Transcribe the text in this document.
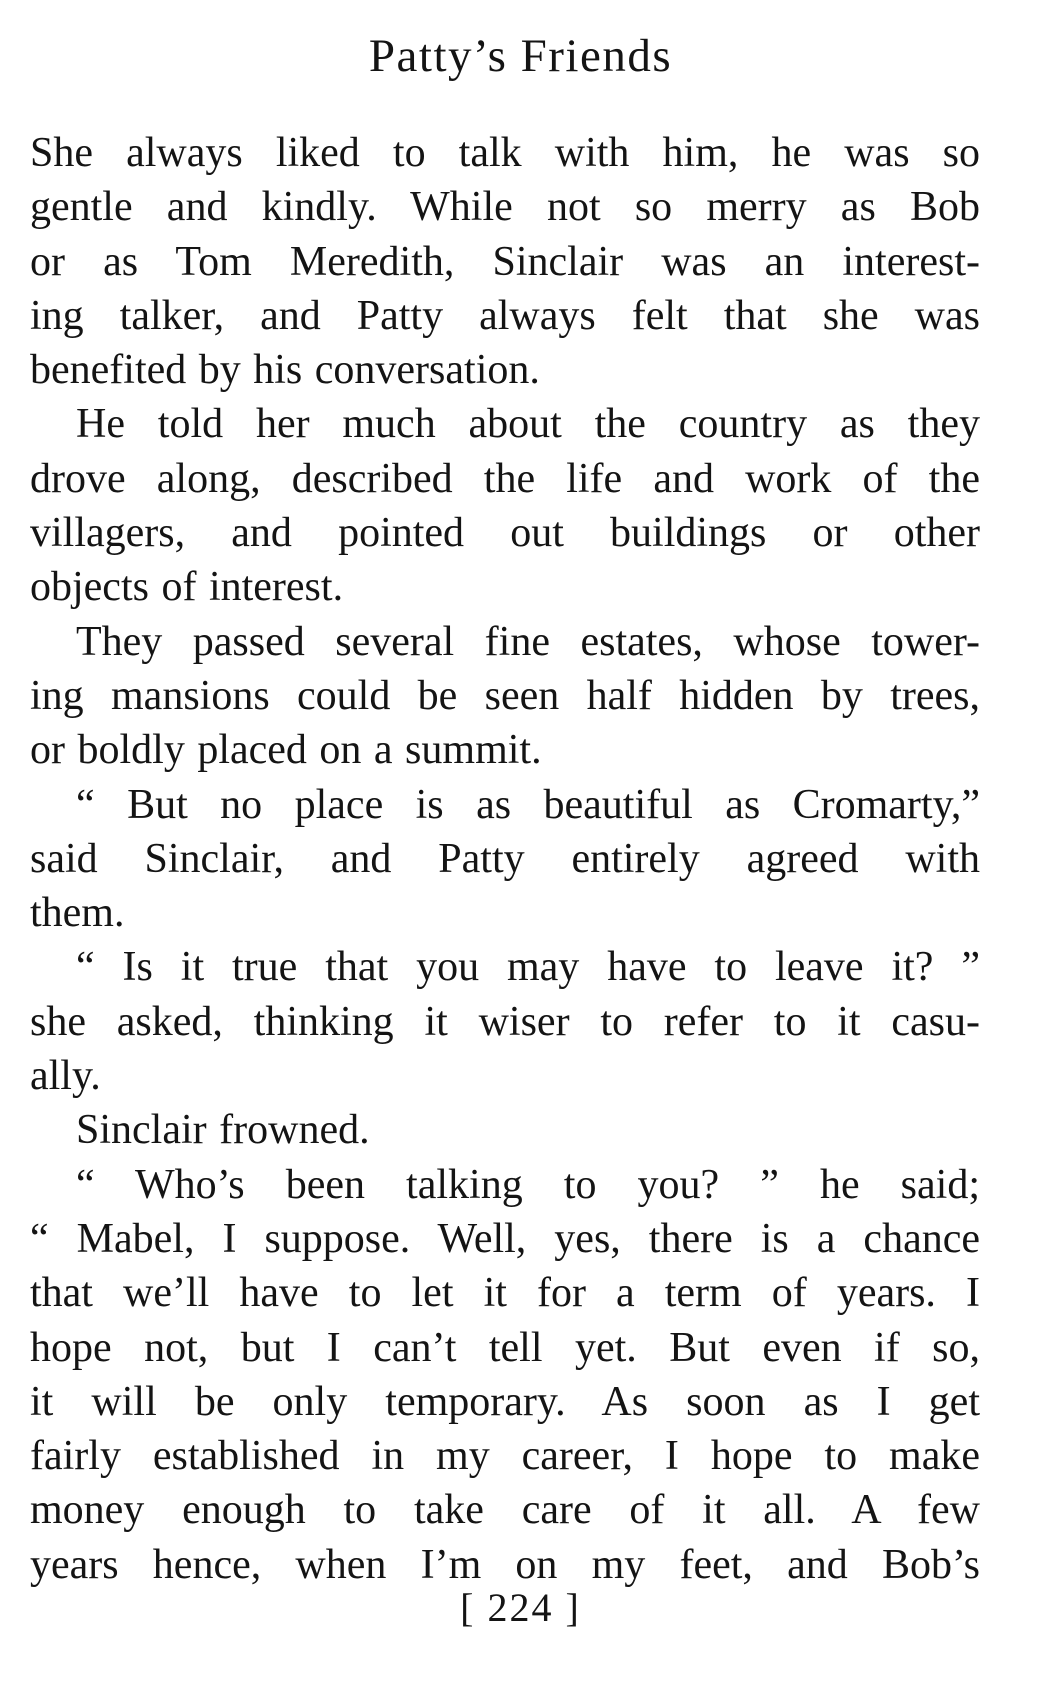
Patty’s Friends
She always liked to talk with him, he was so
gentle and kindly. While not so merry as Bob
or as Tom Meredith, Sinclair was an interest-
ing talker, and Patty always felt that she was
benefited by his conversation.
He told her much about the country as they
drove along, described the life and work of the
villagers, and pointed out buildings or other
objects of interest.
They passed several fine estates, whose tower-
ing mansions could be seen half hidden by trees,
or boldly placed on a summit.
“ But no place is as beautiful as Cromarty,”
said Sinclair, and Patty entirely agreed with
them.
“ Is it true that you may have to leave it? ”
she asked, thinking it wiser to refer to it casu-
ally.
Sinclair frowned.
“ Who’s been talking to you? ” he said;
“ Mabel, I suppose. Well, yes, there is a chance
that we’ll have to let it for a term of years. I
hope not, but I can’t tell yet. But even if so,
it will be only temporary. As soon as I get
fairly established in my career, I hope to make
money enough to take care of it all. A few
years hence, when I’m on my feet, and Bob’s
[ 224 ]
